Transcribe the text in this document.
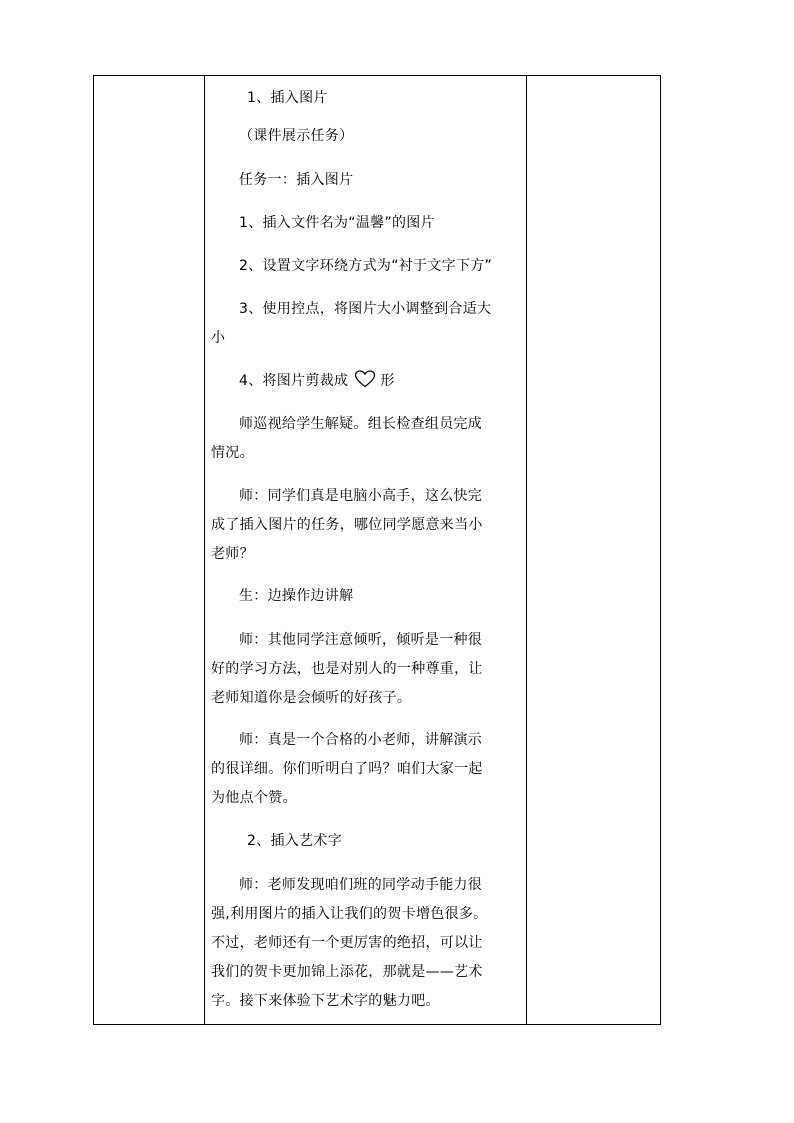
1、插入图片
（课件展示任务）
任务一：插入图片
1、插入文件名为“温馨”的图片
2、设置文字环绕方式为“衬于文字下方”
3、使用控点，将图片大小调整到合适大
小
4、将图片剪裁成 形
师巡视给学生解疑。组长检查组员完成
情况。
师：同学们真是电脑小高手，这么快完
成了插入图片的任务，哪位同学愿意来当小
老师？
生：边操作边讲解
师：其他同学注意倾听，倾听是一种很
好的学习方法，也是对别人的一种尊重，让
老师知道你是会倾听的好孩子。
师：真是一个合格的小老师，讲解演示
的很详细。你们听明白了吗？咱们大家一起
为他点个赞。
2、插入艺术字
师：老师发现咱们班的同学动手能力很
强,利用图片的插入让我们的贺卡增色很多。
不过，老师还有一个更厉害的绝招，可以让
我们的贺卡更加锦上添花，那就是——艺术
字。接下来体验下艺术字的魅力吧。
